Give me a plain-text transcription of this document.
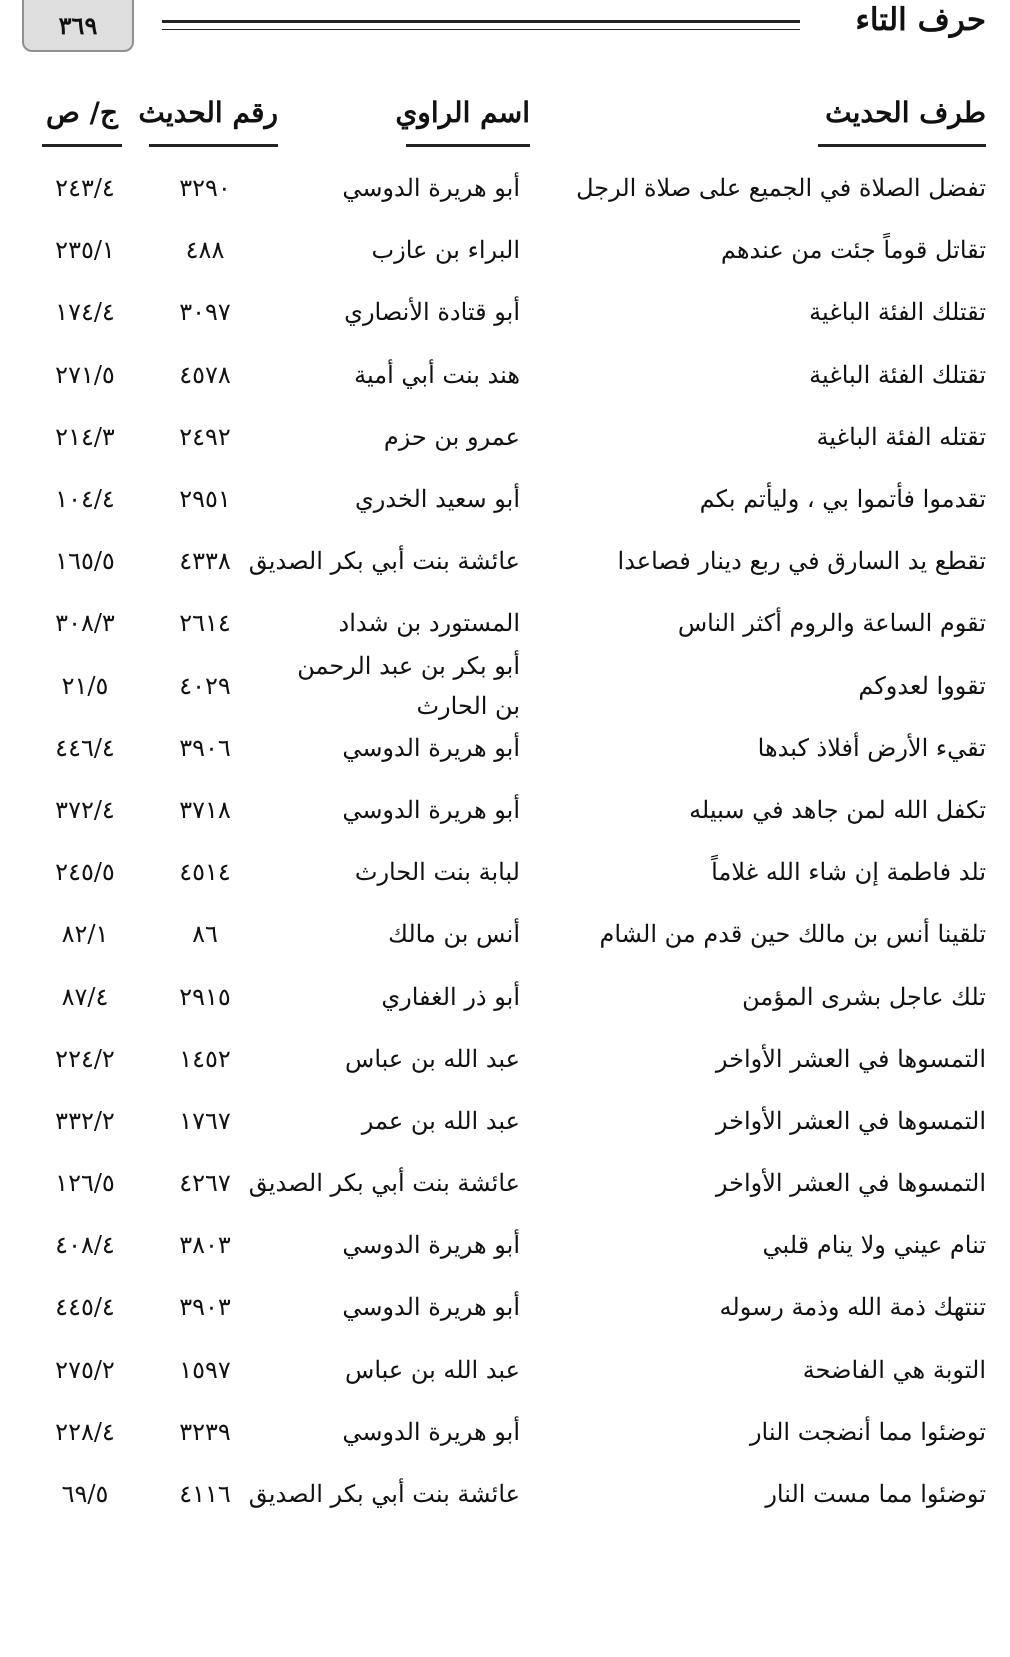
٣٦٩	حرف التاء
طرف الحديث
اسم الراوي
رقم الحديث
ج/ ص
تفضل الصلاة في الجميع على صلاة الرجل
أبو هريرة الدوسي
٣٢٩٠
٢٤٣/٤
تقاتل قوماً جئت من عندهم
البراء بن عازب
٤٨٨
٢٣٥/١
تقتلك الفئة الباغية
أبو قتادة الأنصاري
٣٠٩٧
١٧٤/٤
تقتلك الفئة الباغية
هند بنت أبي أمية
٤٥٧٨
٢٧١/٥
تقتله الفئة الباغية
عمرو بن حزم
٢٤٩٢
٢١٤/٣
تقدموا فأتموا بي ، وليأتم بكم
أبو سعيد الخدري
٢٩٥١
١٠٤/٤
تقطع يد السارق في ربع دينار فصاعدا
عائشة بنت أبي بكر الصديق
٤٣٣٨
١٦٥/٥
تقوم الساعة والروم أكثر الناس
المستورد بن شداد
٢٦١٤
٣٠٨/٣
تقووا لعدوكم
أبو بكر بن عبد الرحمن بن الحارث
٤٠٢٩
٢١/٥
تقيء الأرض أفلاذ كبدها
أبو هريرة الدوسي
٣٩٠٦
٤٤٦/٤
تكفل الله لمن جاهد في سبيله
أبو هريرة الدوسي
٣٧١٨
٣٧٢/٤
تلد فاطمة إن شاء الله غلاماً
لبابة بنت الحارث
٤٥١٤
٢٤٥/٥
تلقينا أنس بن مالك حين قدم من الشام
أنس بن مالك
٨٦
٨٢/١
تلك عاجل بشرى المؤمن
أبو ذر الغفاري
٢٩١٥
٨٧/٤
التمسوها في العشر الأواخر
عبد الله بن عباس
١٤٥٢
٢٢٤/٢
التمسوها في العشر الأواخر
عبد الله بن عمر
١٧٦٧
٣٣٢/٢
التمسوها في العشر الأواخر
عائشة بنت أبي بكر الصديق
٤٢٦٧
١٢٦/٥
تنام عيني ولا ينام قلبي
أبو هريرة الدوسي
٣٨٠٣
٤٠٨/٤
تنتهك ذمة الله وذمة رسوله
أبو هريرة الدوسي
٣٩٠٣
٤٤٥/٤
التوبة هي الفاضحة
عبد الله بن عباس
١٥٩٧
٢٧٥/٢
توضئوا مما أنضجت النار
أبو هريرة الدوسي
٣٢٣٩
٢٢٨/٤
توضئوا مما مست النار
عائشة بنت أبي بكر الصديق
٤١١٦
٦٩/٥
